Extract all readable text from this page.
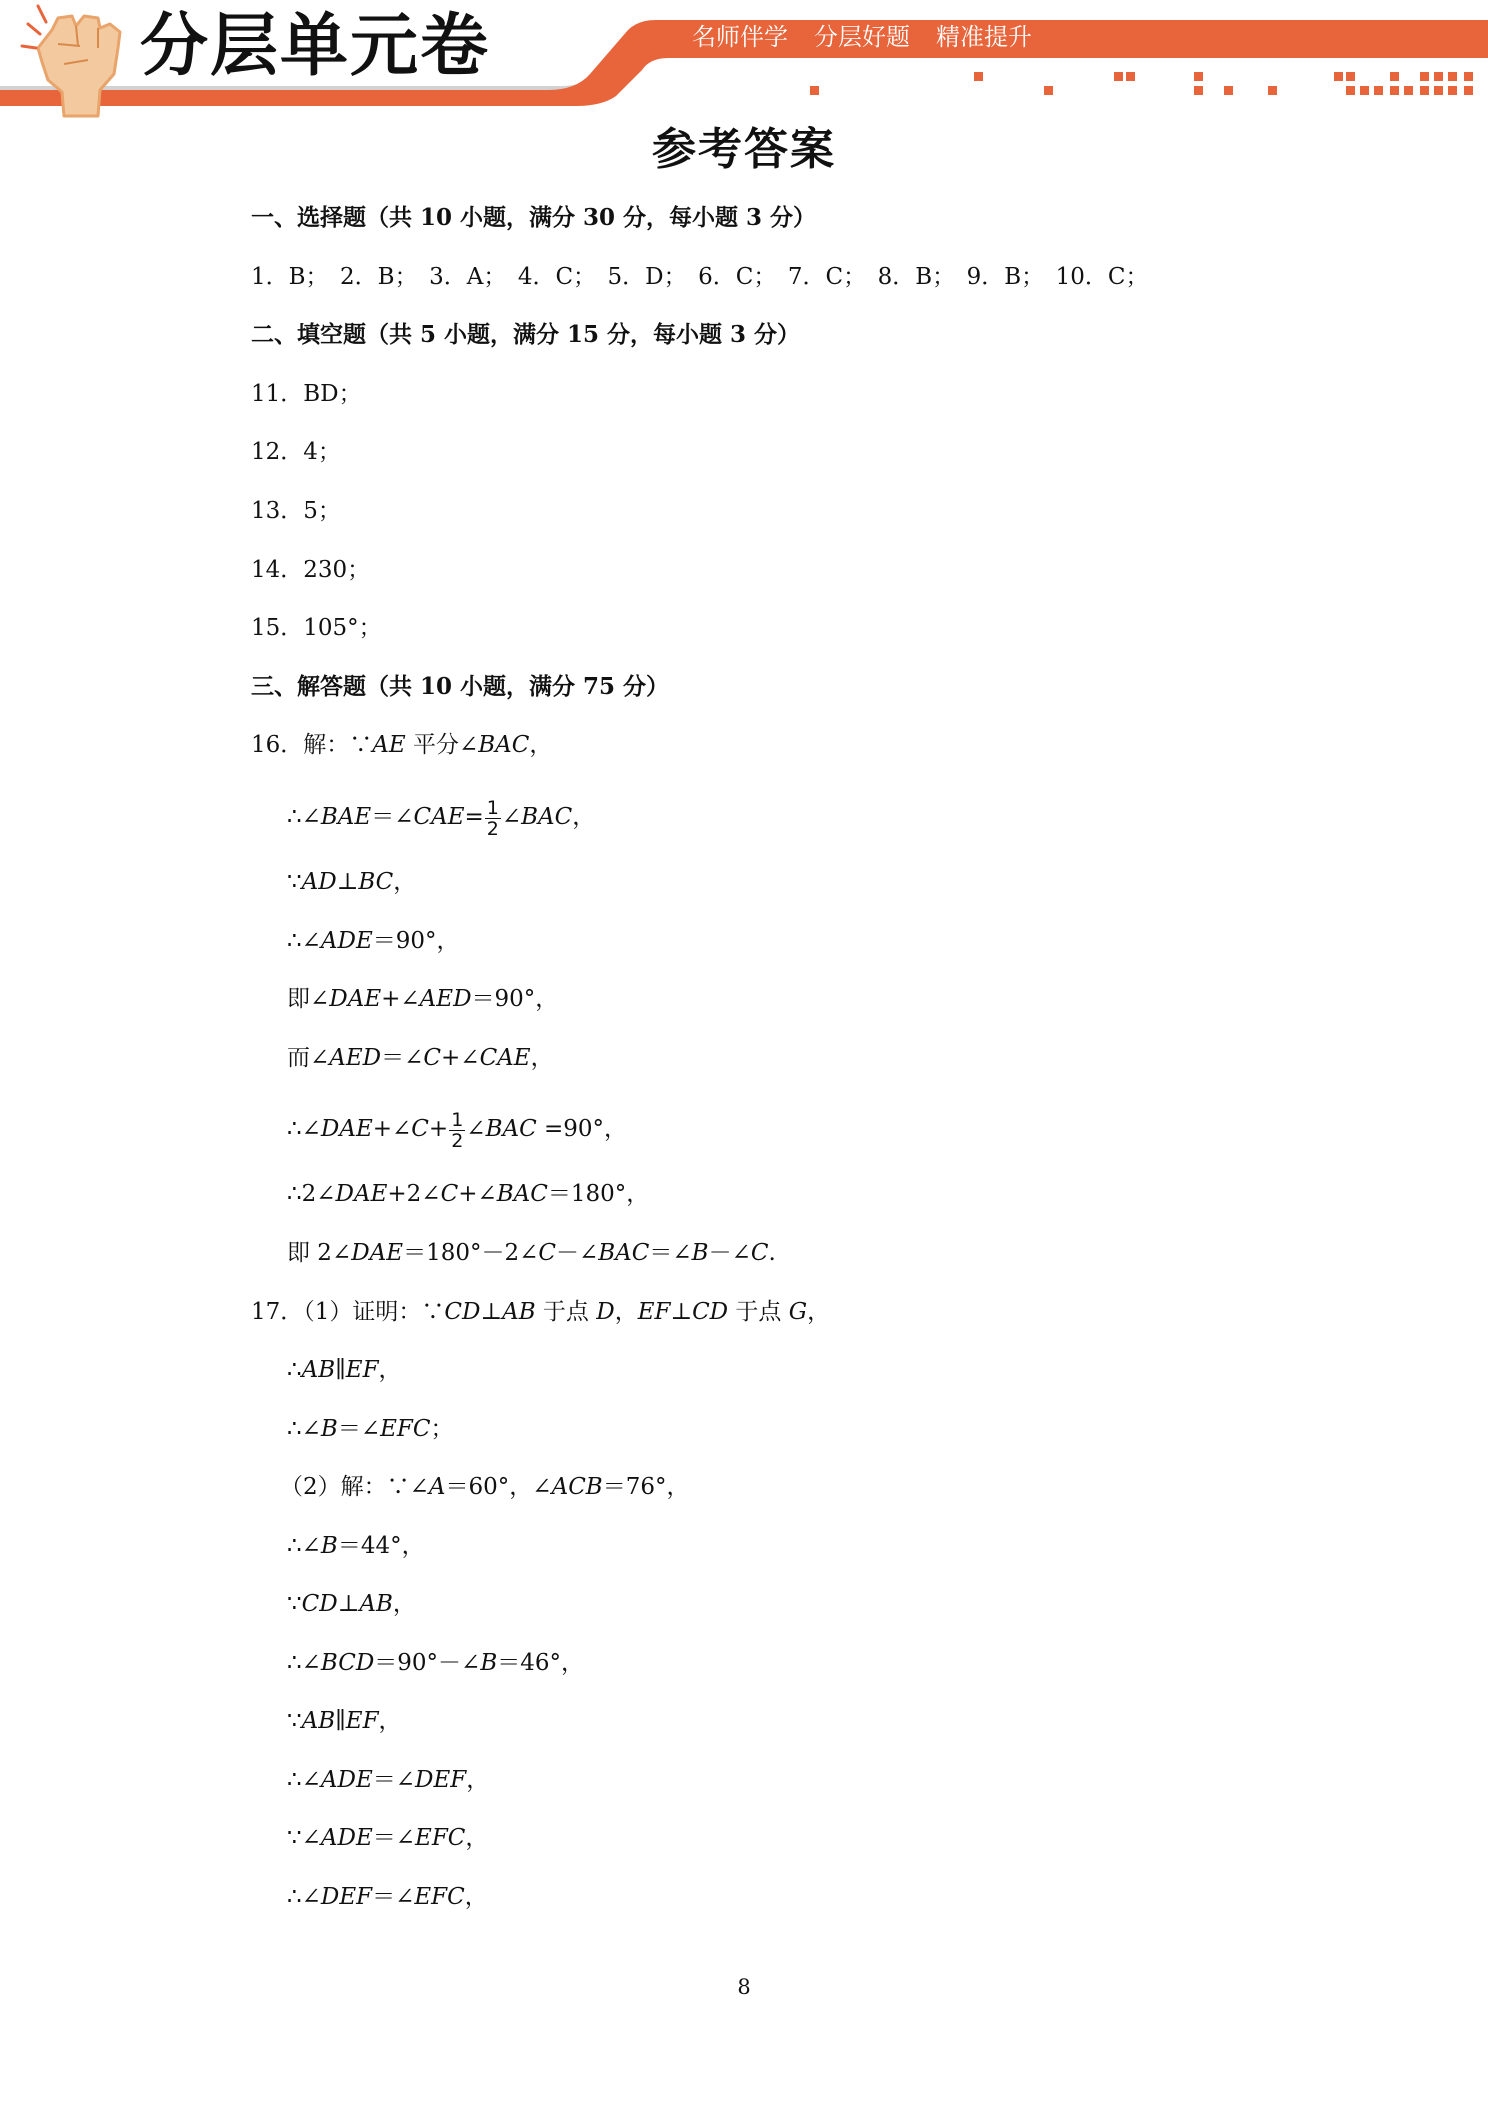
分层单元卷	名师伴学 分层好题 精准提升
参考答案
一、选择题（共 10 小题，满分 30 分，每小题 3 分）
1．B；　2．B；　3．A；　4．C；　5．D；　6．C；　7．C；　8．B；　9．B；　10．C；
二、填空题（共 5 小题，满分 15 分，每小题 3 分）
11．BD；
12．4；
13．5；
14．230；
15．105°；
三、解答题（共 10 小题，满分 75 分）
16．解：∵AE 平分∠BAC，
∴∠BAE＝∠CAE= $\frac{1}{2}$ ∠BAC，
∵AD⊥BC，
∴∠ADE＝90°，
即∠DAE+∠AED＝90°，
而∠AED＝∠C+∠CAE，
∴∠DAE+∠C+ $\frac{1}{2}$ ∠BAC =90°，
∴2∠DAE+2∠C+∠BAC＝180°，
即 2∠DAE＝180°－2∠C－∠BAC＝∠B－∠C.
17．（1）证明：∵CD⊥AB 于点 D，EF⊥CD 于点 G，
∴AB∥EF，
∴∠B＝∠EFC；
（2）解：∵∠A＝60°，∠ACB＝76°，
∴∠B＝44°，
∵CD⊥AB，
∴∠BCD＝90°－∠B＝46°，
∵AB∥EF，
∴∠ADE＝∠DEF，
∵∠ADE＝∠EFC，
∴∠DEF＝∠EFC，
8
